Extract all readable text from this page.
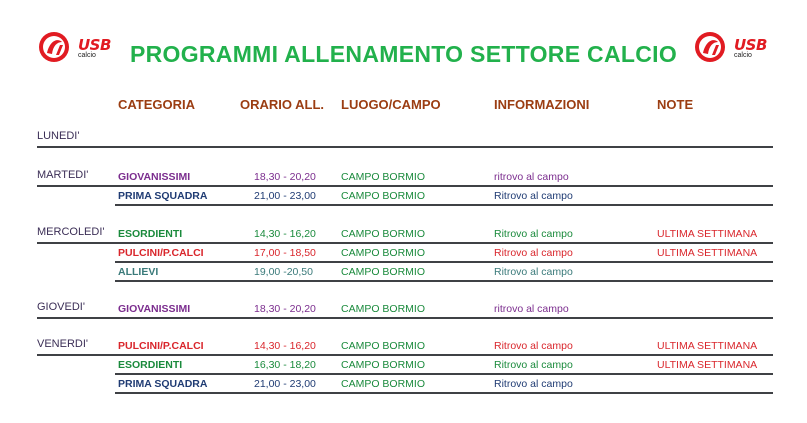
USB
calcio
USB
calcio
PROGRAMMI ALLENAMENTO SETTORE CALCIO
CATEGORIA	ORARIO ALL. LUOGO/CAMPO	INFORMAZIONI	NOTE
LUNEDI'
MARTEDI'	GIOVANISSIMI	18,30 - 20,20 CAMPO BORMIO	ritrovo al campo
PRIMA SQUADRA	21,00 - 23,00 CAMPO BORMIO	Ritrovo al campo
MERCOLEDI' ESORDIENTI	14,30 - 16,20 CAMPO BORMIO	Ritrovo al campo	ULTIMA SETTIMANA
PULCINI/P.CALCI	17,00 - 18,50 CAMPO BORMIO	Ritrovo al campo	ULTIMA SETTIMANA
ALLIEVI	19,00 -20,50	CAMPO BORMIO	Ritrovo al campo
GIOVEDI'	GIOVANISSIMI	18,30 - 20,20 CAMPO BORMIO	ritrovo al campo
VENERDI'	PULCINI/P.CALCI	14,30 - 16,20 CAMPO BORMIO	Ritrovo al campo	ULTIMA SETTIMANA
ESORDIENTI	16,30 - 18,20 CAMPO BORMIO	Ritrovo al campo	ULTIMA SETTIMANA
PRIMA SQUADRA	21,00 - 23,00 CAMPO BORMIO	Ritrovo al campo
